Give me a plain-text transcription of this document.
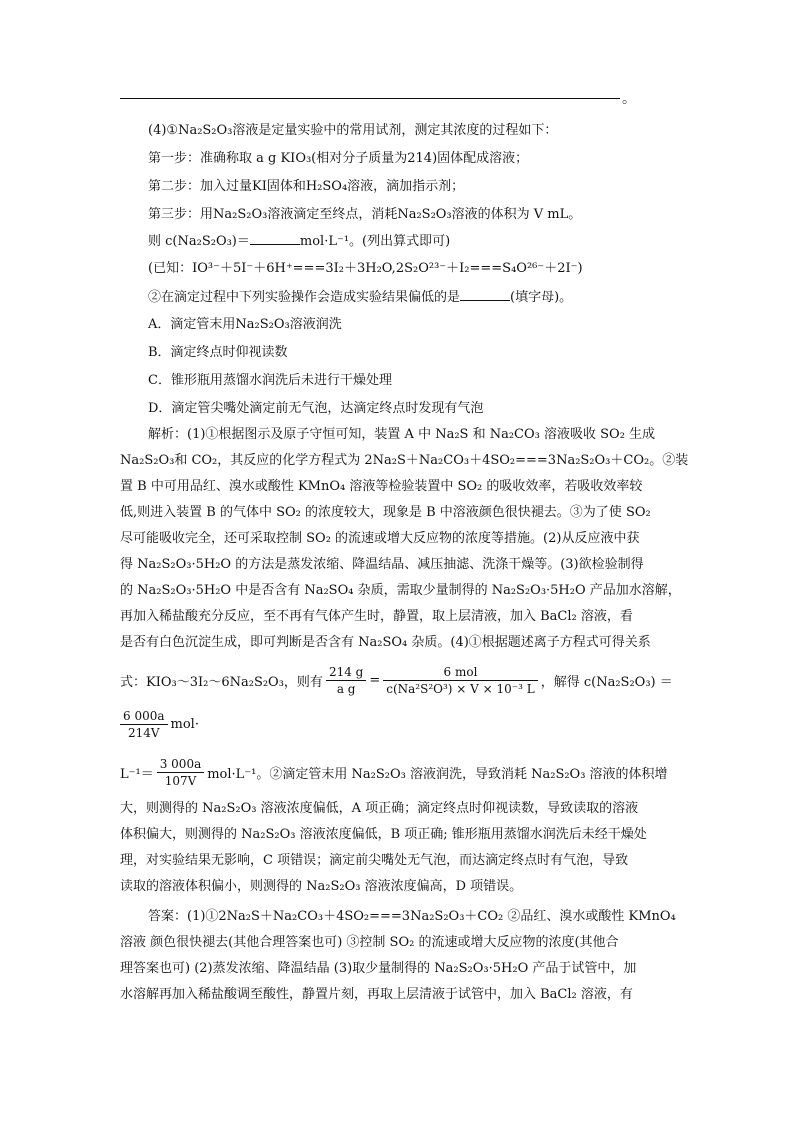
。
(4)①Na₂S₂O₃溶液是定量实验中的常用试剂，测定其浓度的过程如下：
第一步：准确称取 a g KIO₃(相对分子质量为214)固体配成溶液；
第二步：加入过量KI固体和H₂SO₄溶液，滴加指示剂；
第三步：用Na₂S₂O₃溶液滴定至终点，消耗Na₂S₂O₃溶液的体积为 V mL。
则 c(Na₂S₂O₃)＝	mol·L⁻¹。(列出算式即可)
(已知：IO³⁻＋5I⁻＋6H⁺===3I₂＋3H₂O,2S₂O²³⁻＋I₂===S₄O²⁶⁻＋2I⁻)
②在滴定过程中下列实验操作会造成实验结果偏低的是	(填字母)。
A．滴定管末用Na₂S₂O₃溶液润洗
B．滴定终点时仰视读数
C．锥形瓶用蒸馏水润洗后未进行干燥处理
D．滴定管尖嘴处滴定前无气泡，达滴定终点时发现有气泡
解析：(1)①根据图示及原子守恒可知，装置 A 中 Na₂S 和 Na₂CO₃ 溶液吸收 SO₂ 生成
Na₂S₂O₃和 CO₂，其反应的化学方程式为 2Na₂S＋Na₂CO₃＋4SO₂===3Na₂S₂O₃＋CO₂。②装
置 B 中可用品红、溴水或酸性 KMnO₄ 溶液等检验装置中 SO₂ 的吸收效率，若吸收效率较
低,则进入装置 B 的气体中 SO₂ 的浓度较大，现象是 B 中溶液颜色很快褪去。③为了使 SO₂
尽可能吸收完全，还可采取控制 SO₂ 的流速或增大反应物的浓度等措施。(2)从反应液中获
得 Na₂S₂O₃·5H₂O 的方法是蒸发浓缩、降温结晶、减压抽滤、洗涤干燥等。(3)欲检验制得
的 Na₂S₂O₃·5H₂O 中是否含有 Na₂SO₄ 杂质，需取少量制得的 Na₂S₂O₃·5H₂O 产品加水溶解，
再加入稀盐酸充分反应，至不再有气体产生时，静置，取上层清液，加入 BaCl₂ 溶液，看
是否有白色沉淀生成，即可判断是否含有 Na₂SO₄ 杂质。(4)①根据题述离子方程式可得关系
式：KIO₃～3I₂～6Na₂S₂O₃，则有 $\frac{214 g}{\text{a g}} = \frac{\text{6 mol}}{\text{c(Na²S²O³) × V × 10⁻³ L}}$ ，解得 c(Na₂S₂O₃) ＝
$\frac{6 000a}{214V} mol\cdot$
$L^{-1}= \frac{3 000a}{107V} mol\cdot L^{-1}$。②滴定管末用 Na₂S₂O₃ 溶液润洗，导致消耗 Na₂S₂O₃ 溶液的体积增
大，则测得的 Na₂S₂O₃ 溶液浓度偏低，A 项正确；滴定终点时仰视读数，导致读取的溶液
体积偏大，则测得的 Na₂S₂O₃ 溶液浓度偏低，B 项正确; 锥形瓶用蒸馏水润洗后未经干燥处
理，对实验结果无影响，C 项错误；滴定前尖嘴处无气泡，而达滴定终点时有气泡，导致
读取的溶液体积偏小，则测得的 Na₂S₂O₃ 溶液浓度偏高，D 项错误。
答案：(1)①2Na₂S＋Na₂CO₃＋4SO₂===3Na₂S₂O₃＋CO₂ ②品红、溴水或酸性 KMnO₄
溶液 颜色很快褪去(其他合理答案也可) ③控制 SO₂ 的流速或增大反应物的浓度(其他合
理答案也可) (2)蒸发浓缩、降温结晶 (3)取少量制得的 Na₂S₂O₃·5H₂O 产品于试管中，加
水溶解再加入稀盐酸调至酸性，静置片刻，再取上层清液于试管中，加入 BaCl₂ 溶液，有
